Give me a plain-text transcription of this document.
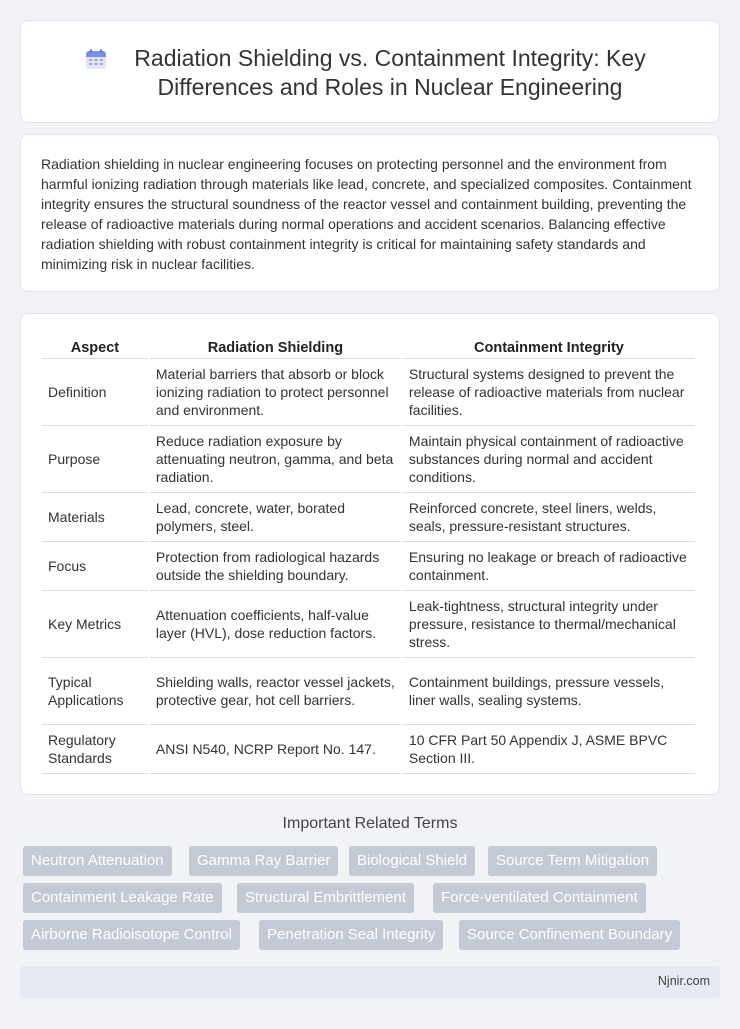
Radiation Shielding vs. Containment Integrity: Key Differences and Roles in Nuclear Engineering

Radiation shielding in nuclear engineering focuses on protecting personnel and the environment from harmful ionizing radiation through materials like lead, concrete, and specialized composites. Containment integrity ensures the structural soundness of the reactor vessel and containment building, preventing the release of radioactive materials during normal operations and accident scenarios. Balancing effective radiation shielding with robust containment integrity is critical for maintaining safety standards and minimizing risk in nuclear facilities.

Aspect	Radiation Shielding	Containment Integrity
Definition	Material barriers that absorb or block ionizing radiation to protect personnel and environment.	Structural systems designed to prevent the release of radioactive materials from nuclear facilities.
Purpose	Reduce radiation exposure by attenuating neutron, gamma, and beta radiation.	Maintain physical containment of radioactive substances during normal and accident conditions.
Materials	Lead, concrete, water, borated polymers, steel.	Reinforced concrete, steel liners, welds, seals, pressure-resistant structures.
Focus	Protection from radiological hazards outside the shielding boundary.	Ensuring no leakage or breach of radioactive containment.
Key Metrics	Attenuation coefficients, half-value layer (HVL), dose reduction factors.	Leak-tightness, structural integrity under pressure, resistance to thermal/mechanical stress.
Typical Applications	Shielding walls, reactor vessel jackets, protective gear, hot cell barriers.	Containment buildings, pressure vessels, liner walls, sealing systems.
Regulatory Standards	ANSI N540, NCRP Report No. 147.	10 CFR Part 50 Appendix J, ASME BPVC Section III.
Important Related Terms
Neutron Attenuation	Gamma Ray Barrier	Biological Shield	Source Term Mitigation
Containment Leakage Rate	Structural Embrittlement	Force-ventilated Containment
Airborne Radioisotope Control	Penetration Seal Integrity	Source Confinement Boundary
Njnir.com
